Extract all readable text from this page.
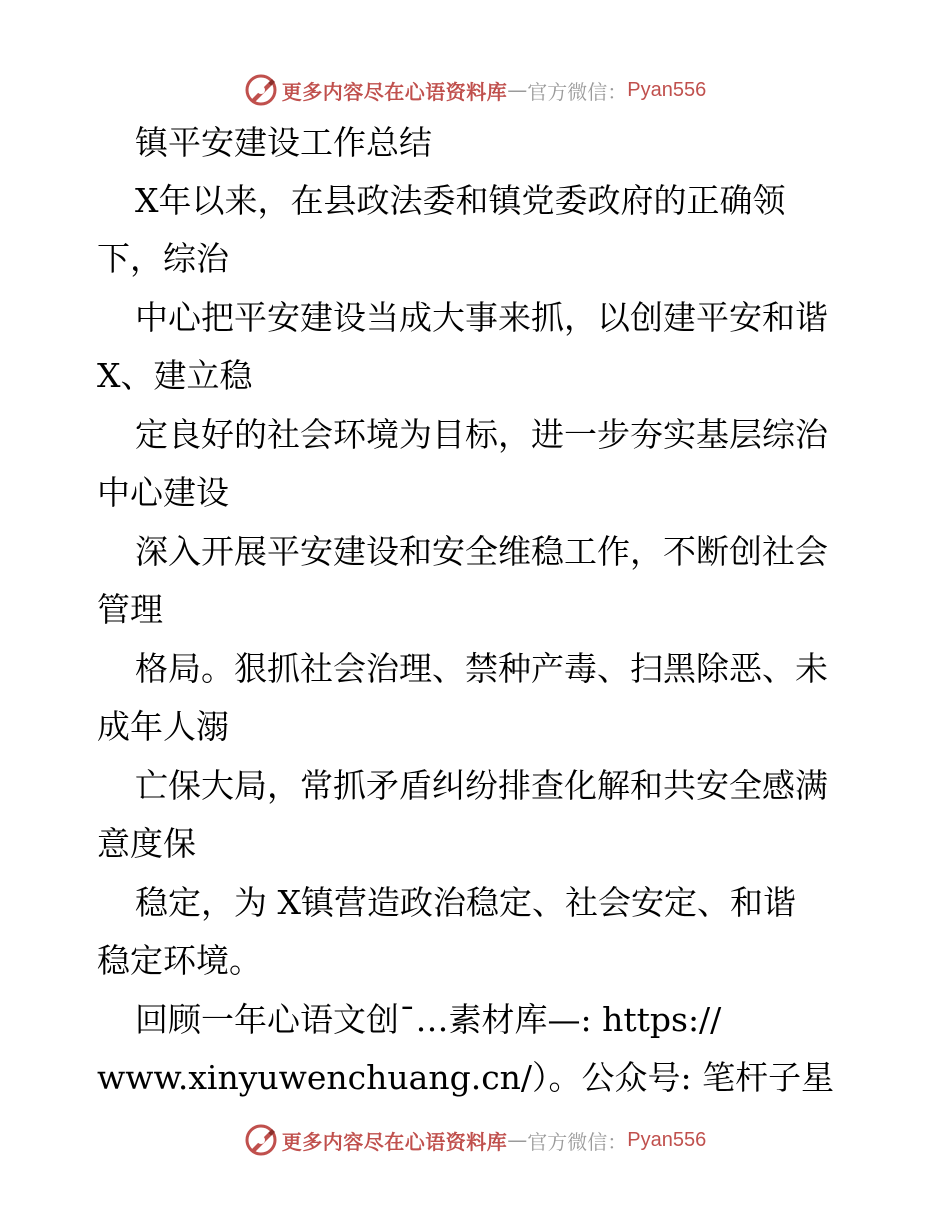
更多内容尽在心语资料库 — 官方微信： Pyan556
镇平安建设工作总结
X年以来，在县政法委和镇党委政府的正确领
下，综治
中心把平安建设当成大事来抓，以创建平安和谐
X、建立稳
定良好的社会环境为目标，进一步夯实基层综治
中心建设
深入开展平安建设和安全维稳工作，不断创社会
管理
格局。狠抓社会治理、禁种产毒、扫黑除恶、未
成年人溺
亡保大局，常抓矛盾纠纷排查化解和共安全感满
意度保
稳定，为 X镇营造政治稳定、社会安定、和谐
稳定环境。
回顾一年心语文创¯…素材库—: https://
www.xinyuwenchuang.cn/）。公众号: 笔杆子星
更多内容尽在心语资料库 — 官方微信： Pyan556
